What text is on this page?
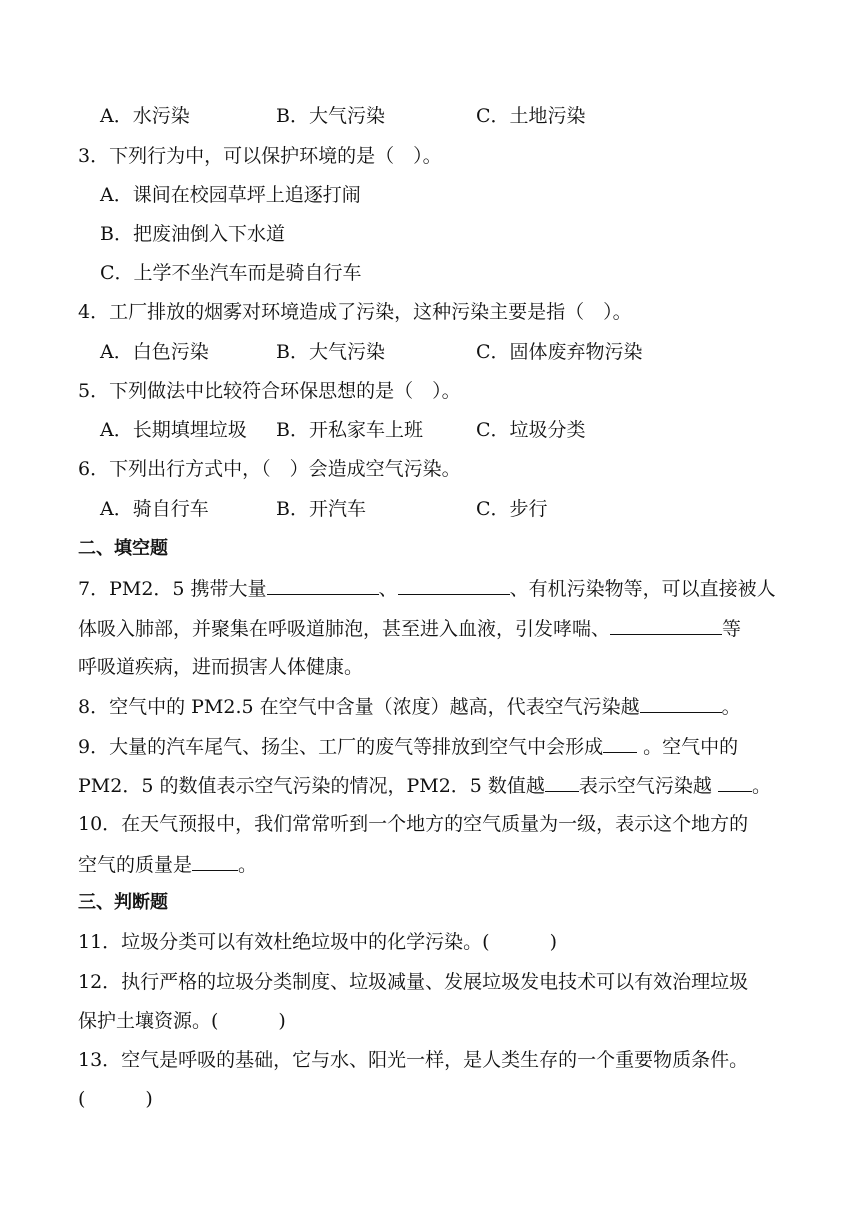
A．水污染	B．大气污染	C．土地污染
3．下列行为中，可以保护环境的是（　）。
A．课间在校园草坪上追逐打闹
B．把废油倒入下水道
C．上学不坐汽车而是骑自行车
4．工厂排放的烟雾对环境造成了污染，这种污染主要是指（　）。
A．白色污染	B．大气污染	C．固体废弃物污染
5．下列做法中比较符合环保思想的是（　）。
A．长期填埋垃圾 B．开私家车上班	C．垃圾分类
6．下列出行方式中，（　）会造成空气污染。
A．骑自行车	B．开汽车	C．步行
二、填空题
7．PM2．5 携带大量	、	、有机污染物等，可以直接被人
体吸入肺部，并聚集在呼吸道肺泡，甚至进入血液，引发哮喘、	等
呼吸道疾病，进而损害人体健康。
8．空气中的 PM2.5 在空气中含量（浓度）越高，代表空气污染越	。
9．大量的汽车尾气、扬尘、工厂的废气等排放到空气中会形成 。空气中的
PM2．5 的数值表示空气污染的情况，PM2．5 数值越 表示空气污染越 。
10．在天气预报中，我们常常听到一个地方的空气质量为一级，表示这个地方的
空气的质量是 。
三、判断题
11．垃圾分类可以有效杜绝垃圾中的化学污染。(	)
12．执行严格的垃圾分类制度、垃圾减量、发展垃圾发电技术可以有效治理垃圾
保护土壤资源。(	)
13．空气是呼吸的基础，它与水、阳光一样，是人类生存的一个重要物质条件。
(	)
